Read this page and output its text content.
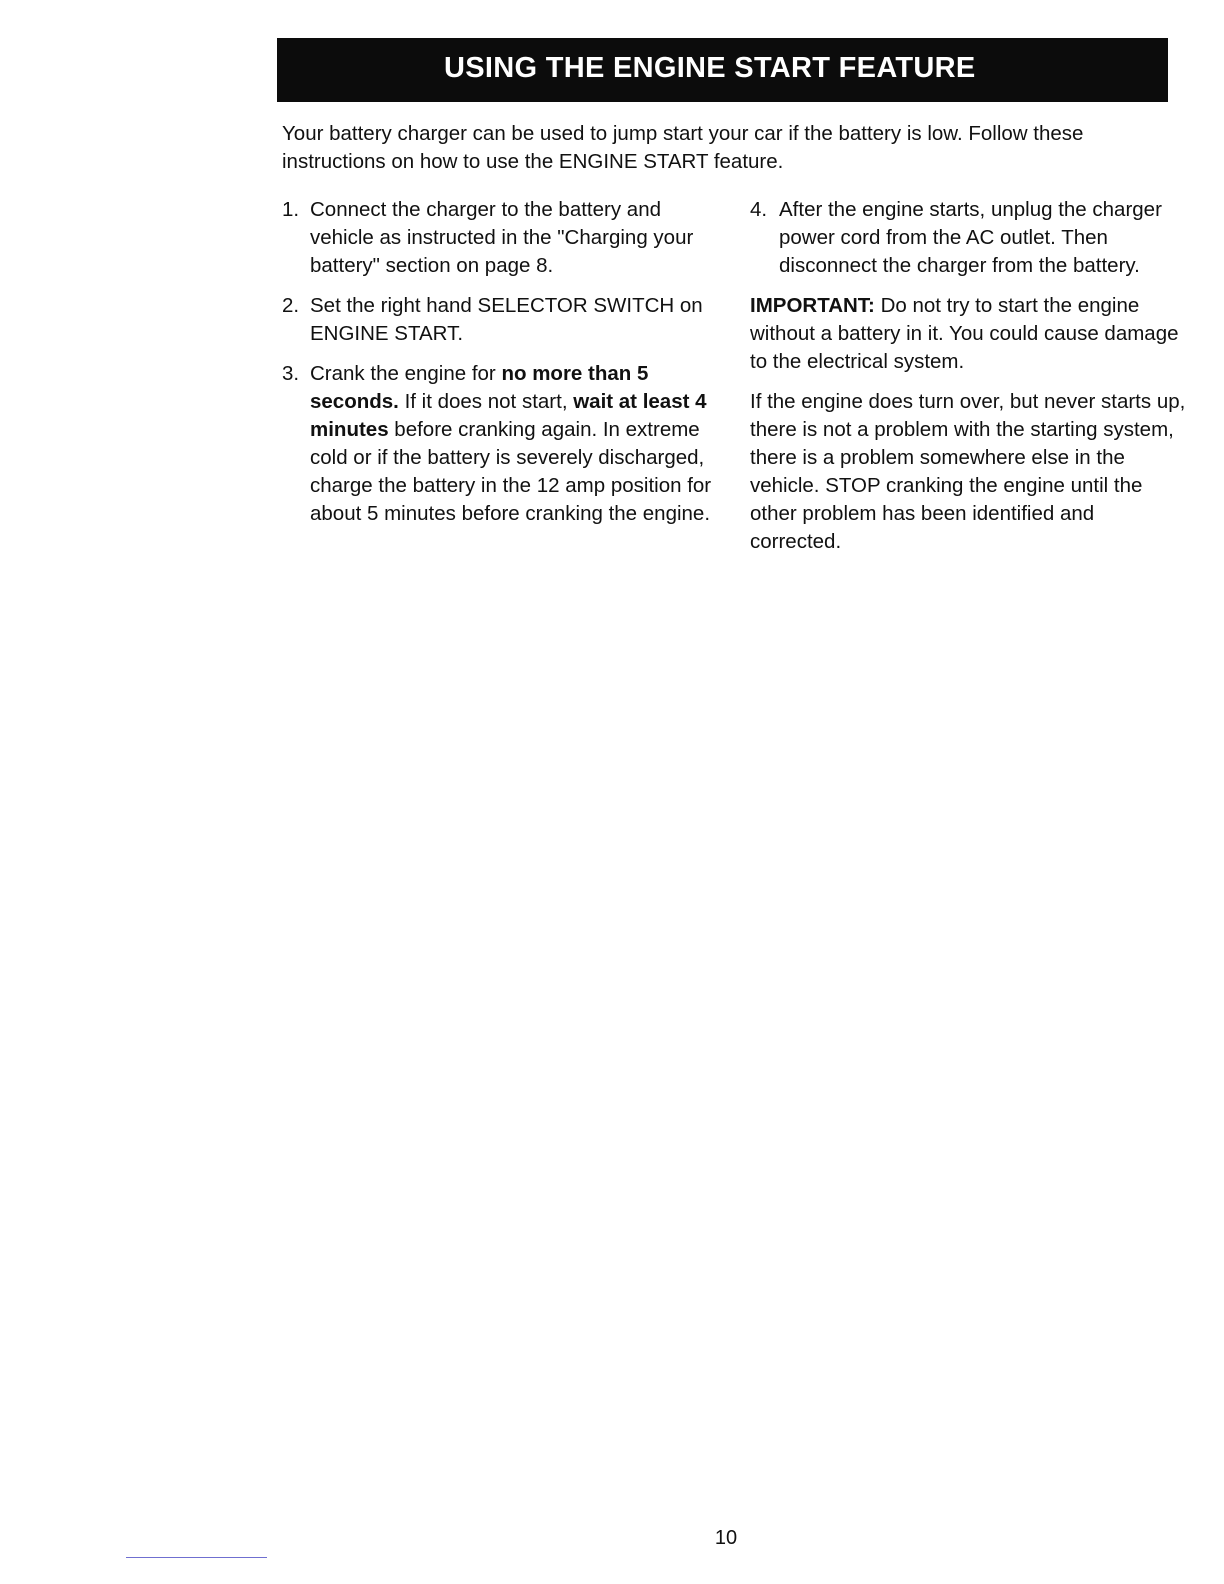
USING THE ENGINE START FEATURE

Your battery charger can be used to jump start your car if the battery is low. Follow these instructions on how to use the ENGINE START feature.

1. Connect the charger to the battery and vehicle as instructed in the "Charging your battery" section on page 8.
2. Set the right hand SELECTOR SWITCH on ENGINE START.
3. Crank the engine for no more than 5 seconds. If it does not start, wait at least 4 minutes before cranking again. In extreme cold or if the battery is severely discharged, charge the battery in the 12 amp position for about 5 minutes before cranking the engine.
4. After the engine starts, unplug the charger power cord from the AC outlet. Then disconnect the charger from the battery.

IMPORTANT: Do not try to start the engine without a battery in it. You could cause damage to the electrical system.

If the engine does turn over, but never starts up, there is not a problem with the starting system, there is a problem somewhere else in the vehicle. STOP cranking the engine until the other problem has been identified and corrected.

10
